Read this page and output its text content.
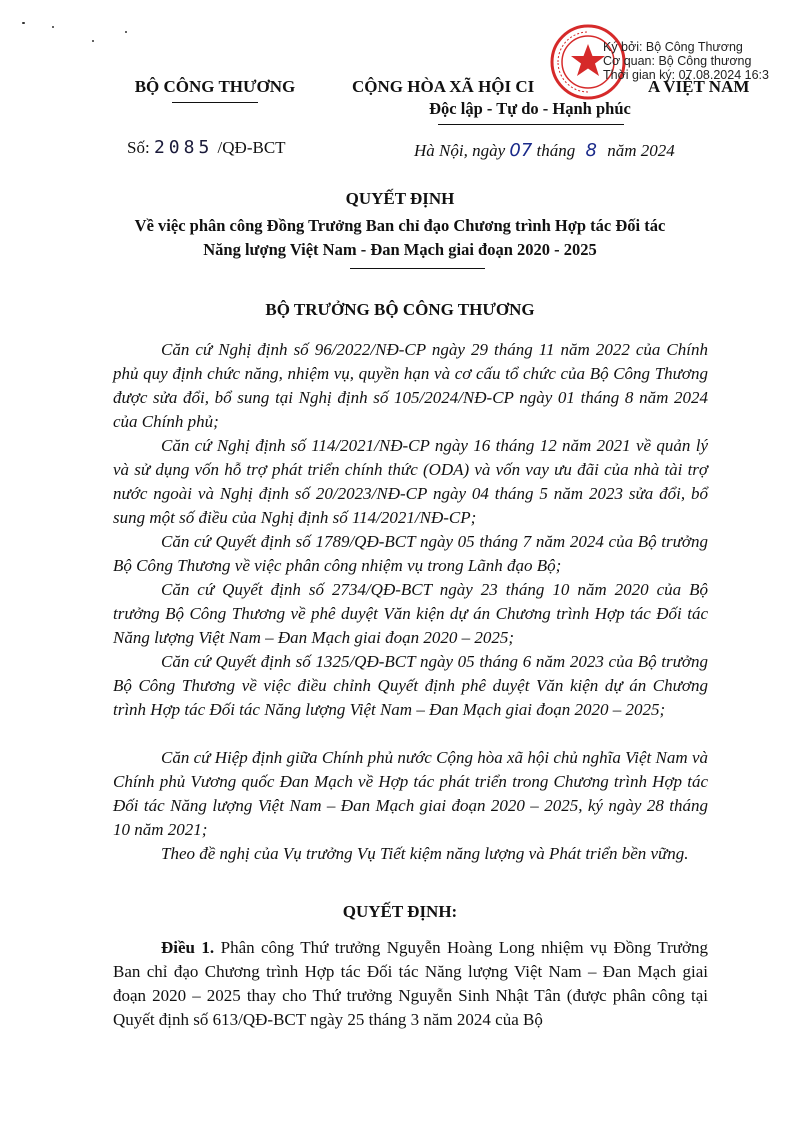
Ký bởi: Bộ Công Thương
Cơ quan: Bộ Công thương
Thời gian ký: 07.08.2024 16:3
BỘ CÔNG THƯƠNG	CỘNG HÒA XÃ HỘI CI	A VIỆT NAM
Độc lập - Tự do - Hạnh phúc
Số: 2085 /QĐ-BCT	Hà Nội, ngày 07 tháng 8 năm 2024
QUYẾT ĐỊNH
Về việc phân công Đồng Trưởng Ban chỉ đạo Chương trình Hợp tác Đối tác
Năng lượng Việt Nam - Đan Mạch giai đoạn 2020 - 2025
BỘ TRƯỞNG BỘ CÔNG THƯƠNG
Căn cứ Nghị định số 96/2022/NĐ-CP ngày 29 tháng 11 năm 2022 của Chính phủ quy định chức năng, nhiệm vụ, quyền hạn và cơ cấu tổ chức của Bộ Công Thương được sửa đổi, bổ sung tại Nghị định số 105/2024/NĐ-CP ngày 01 tháng 8 năm 2024 của Chính phủ;
Căn cứ Nghị định số 114/2021/NĐ-CP ngày 16 tháng 12 năm 2021 về quản lý và sử dụng vốn hỗ trợ phát triển chính thức (ODA) và vốn vay ưu đãi của nhà tài trợ nước ngoài và Nghị định số 20/2023/NĐ-CP ngày 04 tháng 5 năm 2023 sửa đổi, bổ sung một số điều của Nghị định số 114/2021/NĐ-CP;
Căn cứ Quyết định số 1789/QĐ-BCT ngày 05 tháng 7 năm 2024 của Bộ trưởng Bộ Công Thương về việc phân công nhiệm vụ trong Lãnh đạo Bộ;
Căn cứ Quyết định số 2734/QĐ-BCT ngày 23 tháng 10 năm 2020 của Bộ trưởng Bộ Công Thương về phê duyệt Văn kiện dự án Chương trình Hợp tác Đối tác Năng lượng Việt Nam – Đan Mạch giai đoạn 2020 – 2025;
Căn cứ Quyết định số 1325/QĐ-BCT ngày 05 tháng 6 năm 2023 của Bộ trưởng Bộ Công Thương về việc điều chỉnh Quyết định phê duyệt Văn kiện dự án Chương trình Hợp tác Đối tác Năng lượng Việt Nam – Đan Mạch giai đoạn 2020 – 2025;
Căn cứ Hiệp định giữa Chính phủ nước Cộng hòa xã hội chủ nghĩa Việt Nam và Chính phủ Vương quốc Đan Mạch về Hợp tác phát triển trong Chương trình Hợp tác Đối tác Năng lượng Việt Nam – Đan Mạch giai đoạn 2020 – 2025, ký ngày 28 tháng 10 năm 2021;
Theo đề nghị của Vụ trưởng Vụ Tiết kiệm năng lượng và Phát triển bền vững.
QUYẾT ĐỊNH:
Điều 1. Phân công Thứ trưởng Nguyễn Hoàng Long nhiệm vụ Đồng Trưởng Ban chỉ đạo Chương trình Hợp tác Đối tác Năng lượng Việt Nam – Đan Mạch giai đoạn 2020 – 2025 thay cho Thứ trưởng Nguyễn Sinh Nhật Tân (được phân công tại Quyết định số 613/QĐ-BCT ngày 25 tháng 3 năm 2024 của Bộ
